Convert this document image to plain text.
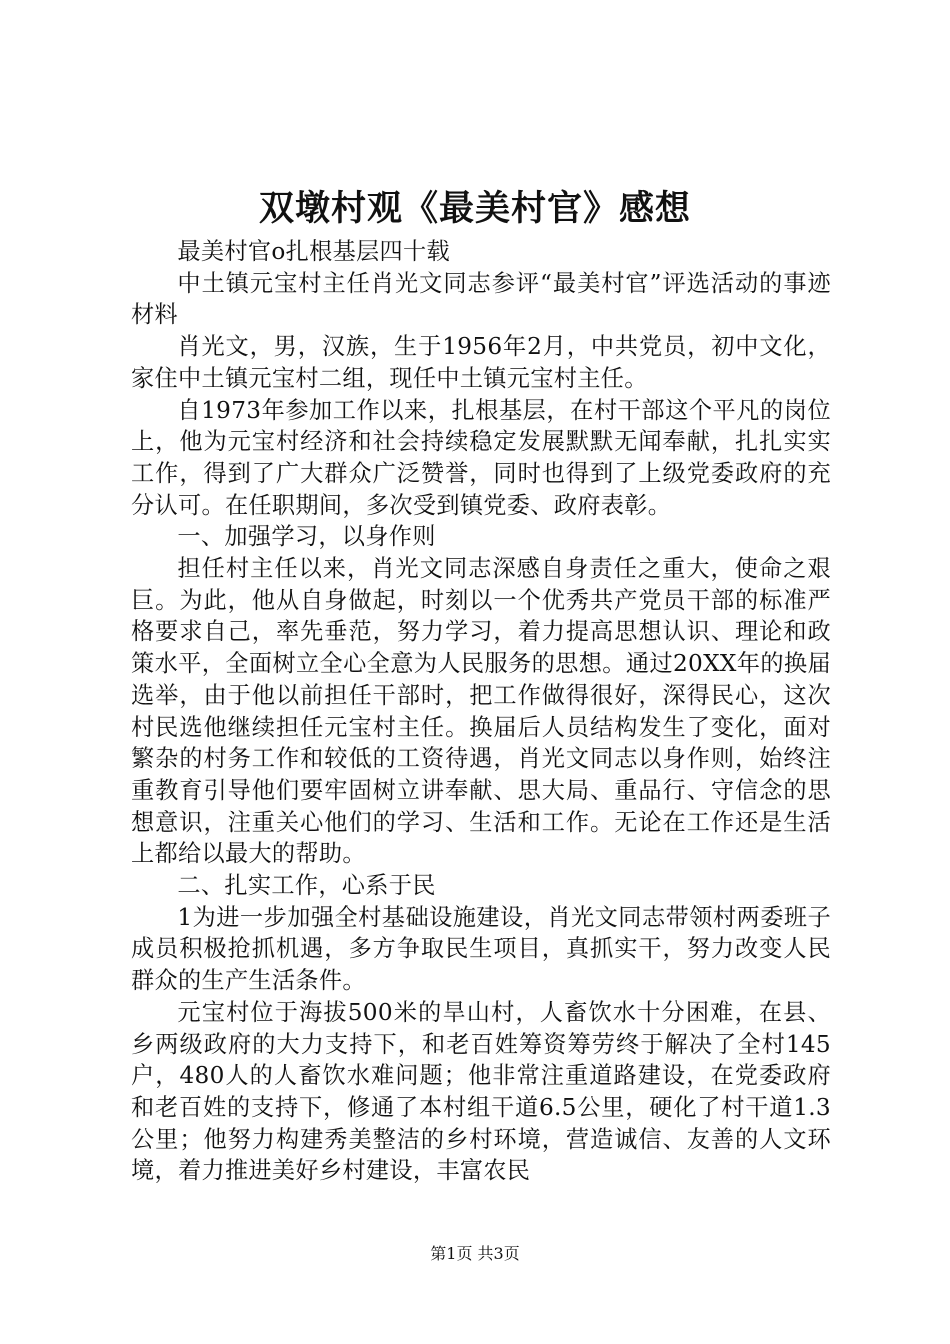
双墩村观《最美村官》感想

最美村官o扎根基层四十载

中土镇元宝村主任肖光文同志参评“最美村官”评选活动的事迹材料

肖光文，男，汉族，生于1956年2月，中共党员，初中文化，家住中土镇元宝村二组，现任中土镇元宝村主任。

自1973年参加工作以来，扎根基层，在村干部这个平凡的岗位上，他为元宝村经济和社会持续稳定发展默默无闻奉献，扎扎实实工作，得到了广大群众广泛赞誉，同时也得到了上级党委政府的充分认可。在任职期间，多次受到镇党委、政府表彰。

一、加强学习，以身作则

担任村主任以来，肖光文同志深感自身责任之重大，使命之艰巨。为此，他从自身做起，时刻以一个优秀共产党员干部的标准严格要求自己，率先垂范，努力学习，着力提高思想认识、理论和政策水平，全面树立全心全意为人民服务的思想。通过20XX年的换届选举，由于他以前担任干部时，把工作做得很好，深得民心，这次村民选他继续担任元宝村主任。换届后人员结构发生了变化，面对繁杂的村务工作和较低的工资待遇，肖光文同志以身作则，始终注重教育引导他们要牢固树立讲奉献、思大局、重品行、守信念的思想意识，注重关心他们的学习、生活和工作。无论在工作还是生活上都给以最大的帮助。

二、扎实工作，心系于民

1为进一步加强全村基础设施建设，肖光文同志带领村两委班子成员积极抢抓机遇，多方争取民生项目，真抓实干，努力改变人民群众的生产生活条件。

元宝村位于海拔500米的旱山村，人畜饮水十分困难，在县、乡两级政府的大力支持下，和老百姓筹资筹劳终于解决了全村145户，480人的人畜饮水难问题；他非常注重道路建设，在党委政府和老百姓的支持下，修通了本村组干道6.5公里，硬化了村干道1.3公里；他努力构建秀美整洁的乡村环境，营造诚信、友善的人文环境，着力推进美好乡村建设，丰富农民

第1页 共3页
